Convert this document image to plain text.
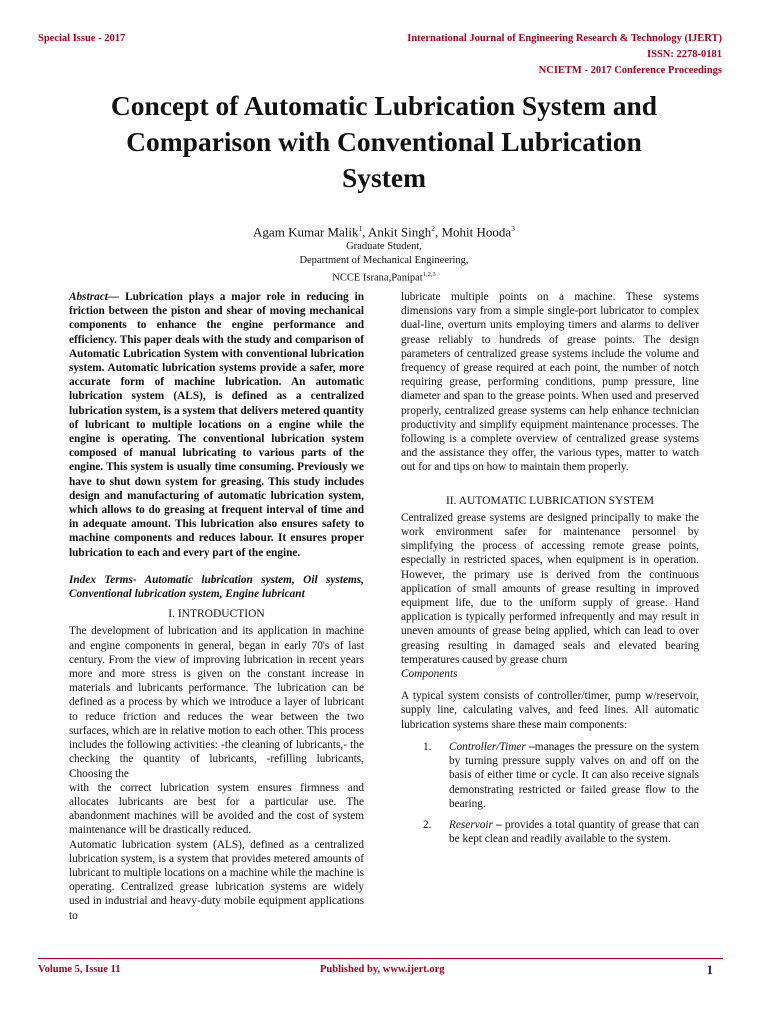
Special Issue - 2017	International Journal of Engineering Research & Technology (IJERT)
ISSN: 2278-0181
NCIETM - 2017 Conference Proceedings
Concept of Automatic Lubrication System and
Comparison with Conventional Lubrication
System
Agam Kumar Malik$^1$, Ankit Singh$^2$, Mohit Hooda$^3$
Graduate Student,
Department of Mechanical Engineering,
NCCE Israna,Panipat$^{1,2,3}$

Abstract— Lubrication plays a major role in reducing in friction between the piston and shear of moving mechanical components to enhance the engine performance and efficiency. This paper deals with the study and comparison of Automatic Lubrication System with conventional lubrication system. Automatic lubrication systems provide a safer, more accurate form of machine lubrication. An automatic lubrication system (ALS), is defined as a centralized lubrication system, is a system that delivers metered quantity of lubricant to multiple locations on a engine while the engine is operating. The conventional lubrication system composed of manual lubricating to various parts of the engine. This system is usually time consuming. Previously we have to shut down system for greasing. This study includes design and manufacturing of automatic lubrication system, which allows to do greasing at frequent interval of time and in adequate amount. This lubrication also ensures safety to machine components and reduces labour. It ensures proper lubrication to each and every part of the engine.

Index Terms- Automatic lubrication system, Oil systems, Conventional lubrication system, Engine lubricant

I. INTRODUCTION

The development of lubrication and its application in machine and engine components in general, began in early 70's of last century. From the view of improving lubrication in recent years more and more stress is given on the constant increase in materials and lubricants performance. The lubrication can be defined as a process by which we introduce a layer of lubricant to reduce friction and reduces the wear between the two surfaces, which are in relative motion to each other. This process includes the following activities: -the cleaning of lubricants,- the checking the quantity of lubricants, -refilling lubricants, Choosing the

with the correct lubrication system ensures firmness and allocates lubricants are best for a particular use. The abandonment machines will be avoided and the cost of system maintenance will be drastically reduced.

Automatic lubrication system (ALS), defined as a centralized lubrication system, is a system that provides metered amounts of lubricant to multiple locations on a machine while the machine is operating. Centralized grease lubrication systems are widely used in industrial and heavy-duty mobile equipment applications to

lubricate multiple points on a machine. These systems dimensions vary from a simple single-port lubricator to complex dual-line, overturn units employing timers and alarms to deliver grease reliably to hundreds of grease points. The design parameters of centralized grease systems include the volume and frequency of grease required at each point, the number of notch requiring grease, performing conditions, pump pressure, line diameter and span to the grease points. When used and preserved properly, centralized grease systems can help enhance technician productivity and simplify equipment maintenance processes. The following is a complete overview of centralized grease systems and the assistance they offer, the various types, matter to watch out for and tips on how to maintain them properly.

II. AUTOMATIC LUBRICATION SYSTEM

Centralized grease systems are designed principally to make the work environment safer for maintenance personnel by simplifying the process of accessing remote grease points, especially in restricted spaces, when equipment is in operation. However, the primary use is derived from the continuous application of small amounts of grease resulting in improved equipment life, due to the uniform supply of grease. Hand application is typically performed infrequently and may result in uneven amounts of grease being applied, which can lead to over greasing resulting in damaged seals and elevated bearing temperatures caused by grease churn

Components

A typical system consists of controller/timer, pump w/reservoir, supply line, calculating valves, and feed lines. All automatic lubrication systems share these main components:

1.	Controller/Timer –manages the pressure on the system by turning pressure supply valves on and off on the basis of either time or cycle. It can also receive signals demonstrating restricted or failed grease flow to the bearing.
2.	Reservoir – provides a total quantity of grease that can be kept clean and readily available to the system.
Volume 5, Issue 11	Published by, www.ijert.org	1
